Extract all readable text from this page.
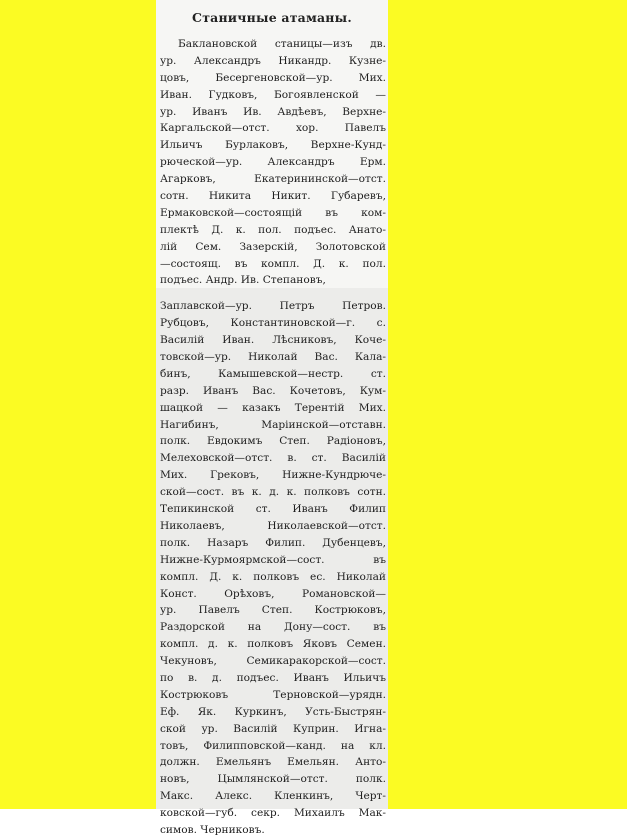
Станичные атаманы.
Баклановской станицы—изъ дв.
ур. Александръ Никандр. Кузне-
цовъ, Бесергеновской—ур. Мих.
Иван. Гудковъ, Богоявленской —
ур. Иванъ Ив. Авдѣевъ, Верхне-
Каргальской—отст. хор. Павелъ
Ильичъ Бурлаковъ, Верхне-Кунд-
рюческой—ур. Александръ Ерм.
Агарковъ, Екатерининской—отст.
сотн. Никита Никит. Губаревъ,
Ермаковской—состоящій въ ком-
плектѣ Д. к. пол. подъес. Анато-
лій Сем. Зазерскій, Золотовской
—состоящ. въ компл. Д. к. пол.
подъес. Андр. Ив. Степановъ,
Заплавской—ур. Петръ Петров.
Рубцовъ, Константиновской—г. с.
Василій Иван. Лѣсниковъ, Коче-
товской—ур. Николай Вас. Кала-
бинъ, Камышевской—нестр. ст.
разр. Иванъ Вас. Кочетовъ, Кум-
шацкой — казакъ Терентій Мих.
Нагибинъ, Маріинской—отставн.
полк. Евдокимъ Степ. Радіоновъ,
Мелеховской—отст. в. ст. Василій
Мих. Грековъ, Нижне-Кундрюче-
ской—сост. въ к. д. к. полковъ сотн.
Тепикинской ст. Иванъ Филип
Николаевъ, Николаевской—отст.
полк. Назаръ Филип. Дубенцевъ,
Нижне-Курмоярмской—сост. въ
компл. Д. к. полковъ ес. Николай
Конст. Орѣховъ, Романовской—
ур. Павелъ Степ. Кострюковъ,
Раздорской на Дону—сост. въ
компл. д. к. полковъ Яковъ Семен.
Чекуновъ, Семикаракорской—сост.
по в. д. подъес. Иванъ Ильичъ
Кострюковъ Терновской—урядн.
Еф. Як. Куркинъ, Усть-Быстрян-
ской ур. Василій Куприн. Игна-
товъ, Филипповской—канд. на кл.
должн. Емельянъ Емельян. Анто-
новъ, Цымлянской—отст. полк.
Макс. Алекс. Кленкинъ, Черт-
ковской—губ. секр. Михаилъ Мак-
симов. Черниковъ.
